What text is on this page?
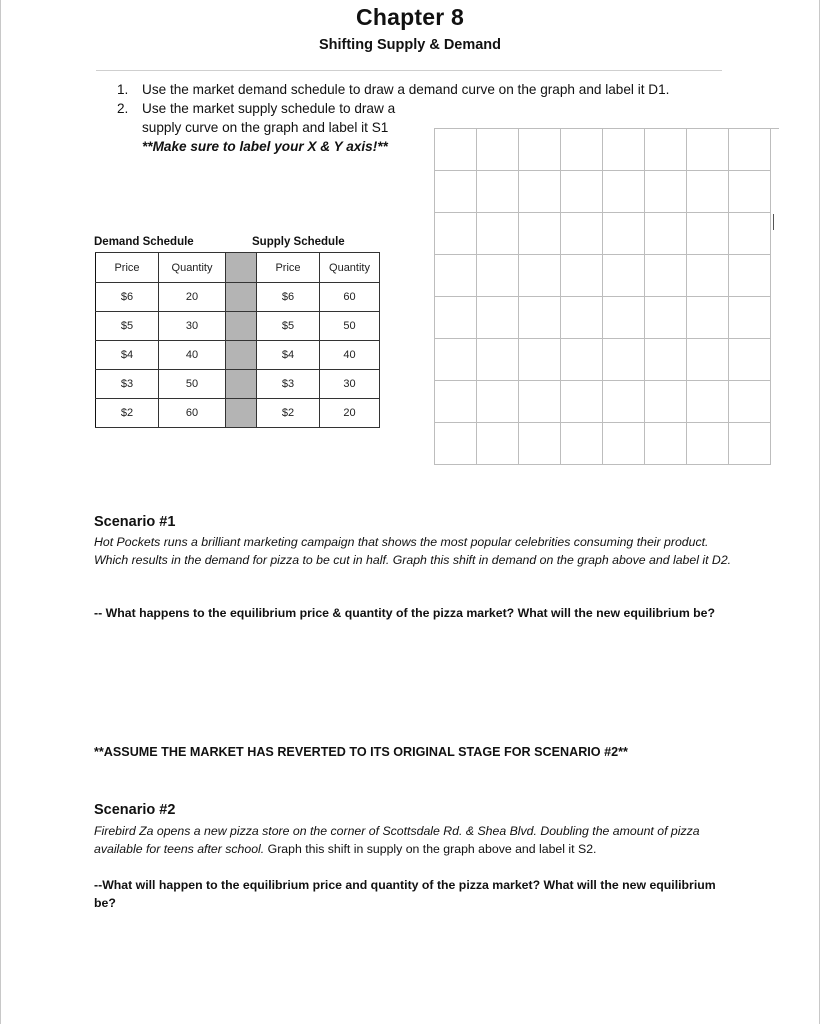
Chapter 8
Shifting Supply & Demand
1. Use the market demand schedule to draw a demand curve on the graph and label it D1.
2. Use the market supply schedule to draw a
supply curve on the graph and label it S1
**Make sure to label your X & Y axis!**
Demand Schedule	Supply Schedule
Price	Quantity		Price	Quantity
$6	20		$6	60
$5	30		$5	50
$4	40		$4	40
$3	50		$3	30
$2	60		$2	20
Scenario #1
Hot Pockets runs a brilliant marketing campaign that shows the most popular celebrities consuming their product. Which results in the demand for pizza to be cut in half. Graph this shift in demand on the graph above and label it D2.
-- What happens to the equilibrium price & quantity of the pizza market? What will the new equilibrium be?
**ASSUME THE MARKET HAS REVERTED TO ITS ORIGINAL STAGE FOR SCENARIO #2**
Scenario #2
Firebird Za opens a new pizza store on the corner of Scottsdale Rd. & Shea Blvd. Doubling the amount of pizza available for teens after school. Graph this shift in supply on the graph above and label it S2.
--What will happen to the equilibrium price and quantity of the pizza market? What will the new equilibrium be?
